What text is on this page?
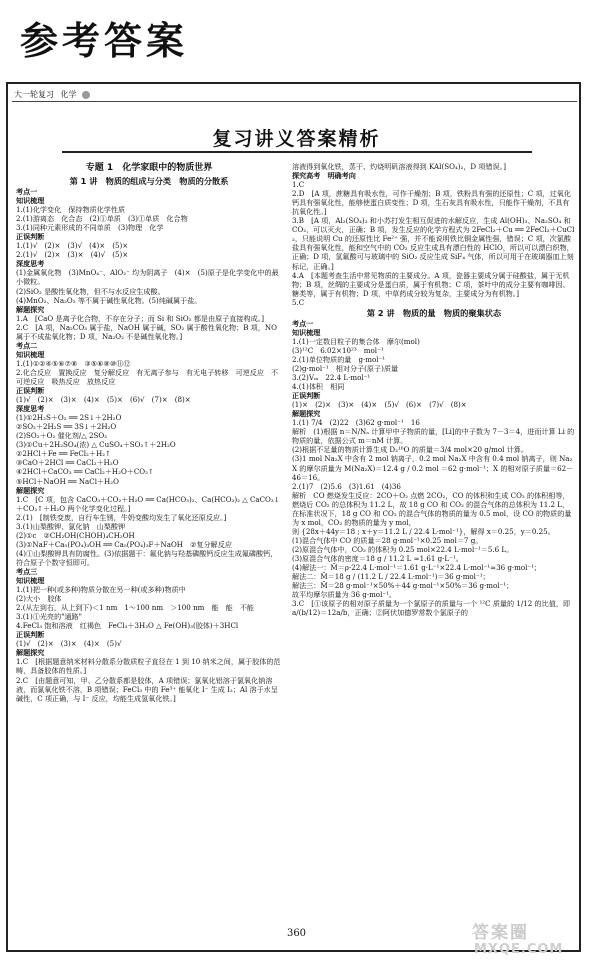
参考答案
大一轮复习 化学
复习讲义答案精析

专题 1　化学家眼中的物质世界

第 1 讲　物质的组成与分类　物质的分散系

考点一

知识梳理

1.(1)化学变化　保持物质化学性质

2.(1)游离态　化合态　(2)①单质　(3)①单质　化合物

3.(1)同种元素形成的不同单质　(3)物理　化学

正误判断

1.(1)√　(2)×　(3)√　(4)×　(5)×

2.(1)√　(2)×　(3)×　(4)√　(5)×

深度思考

(1)金属氧化物　(3)MnO₄⁻、AlO₂⁻ 均为阴离子　(4)×　(5)原子是化学变化中的最小微粒。

(2)SiO₂ 是酸性氧化物，但不与水反应生成酸。

(4)MnO₂、Na₂O₂ 等不属于碱性氧化物。(5)纯碱属于盐。

解题探究

1.A　[CaO 是离子化合物，不存在分子；而 Si 和 SiO₂ 都是由原子直接构成。]

2.C　[A 项，Na₂CO₃ 属于盐，NaOH 属于碱，SO₂ 属于酸性氧化物；B 项，NO 属于不成盐氧化物；D 项，Na₂O₂ 不是碱性氧化物。]

考点二

知识梳理

1.(1)①②④⑤⑥⑦⑧　③⑤⑥⑧⑩⑪⑫

2.化合反应　置换反应　复分解反应　有无离子参与　有无电子转移　可逆反应　不可逆反应　吸热反应　放热反应

正误判断

(1)√　(2)×　(3)×　(4)×　(5)×　(6)√　(7)×　(8)×

深度思考

(1)①2H₂S＋O₂ ══ 2S↓＋2H₂O

②SO₂＋2H₂S ══ 3S↓＋2H₂O

(2)SO₂＋O₂ 催化剂/△ 2SO₃

(3)①Cu＋2H₂SO₄(浓) △ CuSO₄＋SO₂↑＋2H₂O

②2HCl＋Fe ══ FeCl₂＋H₂↑

③CaO＋2HCl ══ CaCl₂＋H₂O

④2HCl＋CaCO₃ ══ CaCl₂＋H₂O＋CO₂↑

⑤HCl＋NaOH ══ NaCl＋H₂O

解题探究

1.C　[C 项，包含 CaCO₃＋CO₂＋H₂O ══ Ca(HCO₃)₂、Ca(HCO₃)₂ △ CaCO₃↓＋CO₂↑＋H₂O 两个化学变化过程。]

2.(1)　[制铁变废，自行车生锈，牛奶变酸均发生了氧化还原反应。]

3.(1)山梨酸钾、氯化钠　山梨酸钾

(2)①c　②CH₂OH(CHOH)₄CH₂OH

(3)①NaF＋Ca₅(PO₄)₃OH ══ Ca₅(PO₄)₃F＋NaOH　②复分解反应

(4)①山梨酸钾具有防腐性。(3)依据题干：氟化钠与羟基磷酸钙反应生成氟磷酸钙，符合原子个数守恒即可。

考点三

知识梳理

1.(1)把一种(或多种)物质分散在另一种(或多种)物质中

(2)大小　胶体

2.(从左到右，从上到下)＜1 nm　1～100 nm　＞100 nm　能　能　不能

3.(1)①光亮的"通路"

4.FeCl₃ 饱和溶液　红褐色　FeCl₃＋3H₂O △ Fe(OH)₃(胶体)＋3HCl

正误判断

(1)√　(2)×　(3)×　(4)×　(5)√

解题探究

1.C　[根据题意纳米材料分散系分散质粒子直径在 1 到 10 纳米之间，属于胶体的范畴，具备胶体的性质。]

2.C　[由题意可知，甲、乙分散系都是胶体，A 项错误；氯氧化铝溶于氯氧化钠溶液，而氯氧化铁不溶，B 项错误；FeCl₃ 中的 Fe³⁺ 能氧化 I⁻ 生成 I₂；Al 溶于水呈碱性，C 项正确，与 I⁻ 反应，均能生成氢氧化铁。]

溶液得到氧化铁，蒸干、灼烧明矾溶液得到 KAl(SO₄)₂，D 项错误。]

探究高考　明确考向

1.C

2.D　[A 项，蔗糖具有吸水性，可作干燥剂；B 项，铁粉具有强的还原性；C 项，过氧化钙具有强氧化性，能够使蛋白质变性；D 项，生石灰具有吸水性，只能作干燥剂，不具有抗氧化性。]

3.B　[A 项，Al₂(SO₄)₃ 和小苏打发生相互促进的水解反应，生成 Al(OH)₃、Na₂SO₄ 和 CO₂，可以灭火，正确；B 项，发生反应的化学方程式为 2FeCl₃＋Cu ══ 2FeCl₂＋CuCl₂，只能说明 Cu 的还原性比 Fe²⁺ 强，并不能说明铁比铜金属性强，错误；C 项，次氯酸盐具有强氧化性，能和空气中的 CO₂ 反应生成具有漂白性的 HClO，所以可以漂白织物，正确；D 项，氢氟酸可与玻璃中的 SiO₂ 反应生成 SiF₄ 气体，所以可用于在玻璃器皿上刻标记，正确。]

4.A　[本题考查生活中常见物质的主要成分。A 项，瓷器主要成分属于硅酸盐，属于无机物；B 项，丝绸的主要成分是蛋白质，属于有机物；C 项，茶叶中的成分主要有咖啡因、糖类等，属于有机物；D 项，中草药成分较为复杂，主要成分为有机物。]

5.C

第 2 讲　物质的量　物质的聚集状态

考点一

知识梳理

1.(1)一定数目粒子的集合体　摩尔(mol)

(3)¹²C　6.02×10²³　mol⁻¹

2.(1)单位物质的量　g·mol⁻¹

(2)g·mol⁻¹　相对分子(原子)质量

3.(2)Vₘ　22.4 L·mol⁻¹

4.(1)体积　相同

正误判断

(1)×　(2)×　(3)×　(4)×　(5)√　(6)×　(7)√　(8)×

解题探究

1.(1) 7/4　(2)22　(3)62 g·mol⁻¹　16

解析　(1)根据 n＝N/Nₐ 计算甲中子物质的量，[Li]的中子数为 7－3＝4，进而计算 Li 的物质的量，依据公式 m＝nM 计算。

(2)根据不足量的物质计算生成 D₂¹⁶O 的质量＝3/4 mol×20 g/mol 计算。

(3)1 mol Na₂X 中含有 2 mol 钠离子，0.2 mol Na₂X 中含有 0.4 mol 钠离子，则 Na₂X 的摩尔质量为 M(Na₂X)＝12.4 g / 0.2 mol ＝62 g·mol⁻¹；X 的相对原子质量＝62－46＝16。

2.(1)7　(2)5.6　(3)1.61　(4)36

解析　CO 燃烧发生反应：2CO＋O₂ 点燃 2CO₂，CO 的体积和生成 CO₂ 的体积相等，燃烧后 CO₂ 的总体积为 11.2 L，故 18 g CO 和 CO₂ 的混合气体的总体积为 11.2 L，在标准状况下，18 g CO 和 CO₂ 的混合气体的物质的量为 0.5 mol，设 CO 的物质的量为 x mol，CO₂ 的物质的量为 y mol，

则 {28x＋44y＝18 ; x＋y＝11.2 L / 22.4 L·mol⁻¹}，解得 x＝0.25，y＝0.25。

(1)混合气体中 CO 的质量＝28 g·mol⁻¹×0.25 mol＝7 g。

(2)原混合气体中，CO₂ 的体积为 0.25 mol×22.4 L·mol⁻¹＝5.6 L。

(3)原混合气体的密度＝18 g / 11.2 L ≈1.61 g·L⁻¹。

(4)解法一：M̄＝ρ·22.4 L·mol⁻¹＝1.61 g·L⁻¹×22.4 L·mol⁻¹≈36 g·mol⁻¹；

解法二：M̄＝18 g / (11.2 L / 22.4 L·mol⁻¹)＝36 g·mol⁻¹；

解法三：M̄＝28 g·mol⁻¹×50%＋44 g·mol⁻¹×50%＝36 g·mol⁻¹；

故平均摩尔质量为 36 g·mol⁻¹。

3.C　[①该原子的相对原子质量为一个氯原子的质量与一个 ¹²C 质量的 1/12 的比值，即 a/(b/12)＝12a/b，正确；②阿伏加德罗常数个氯原子的

360	答案圈
MXQE.COM
